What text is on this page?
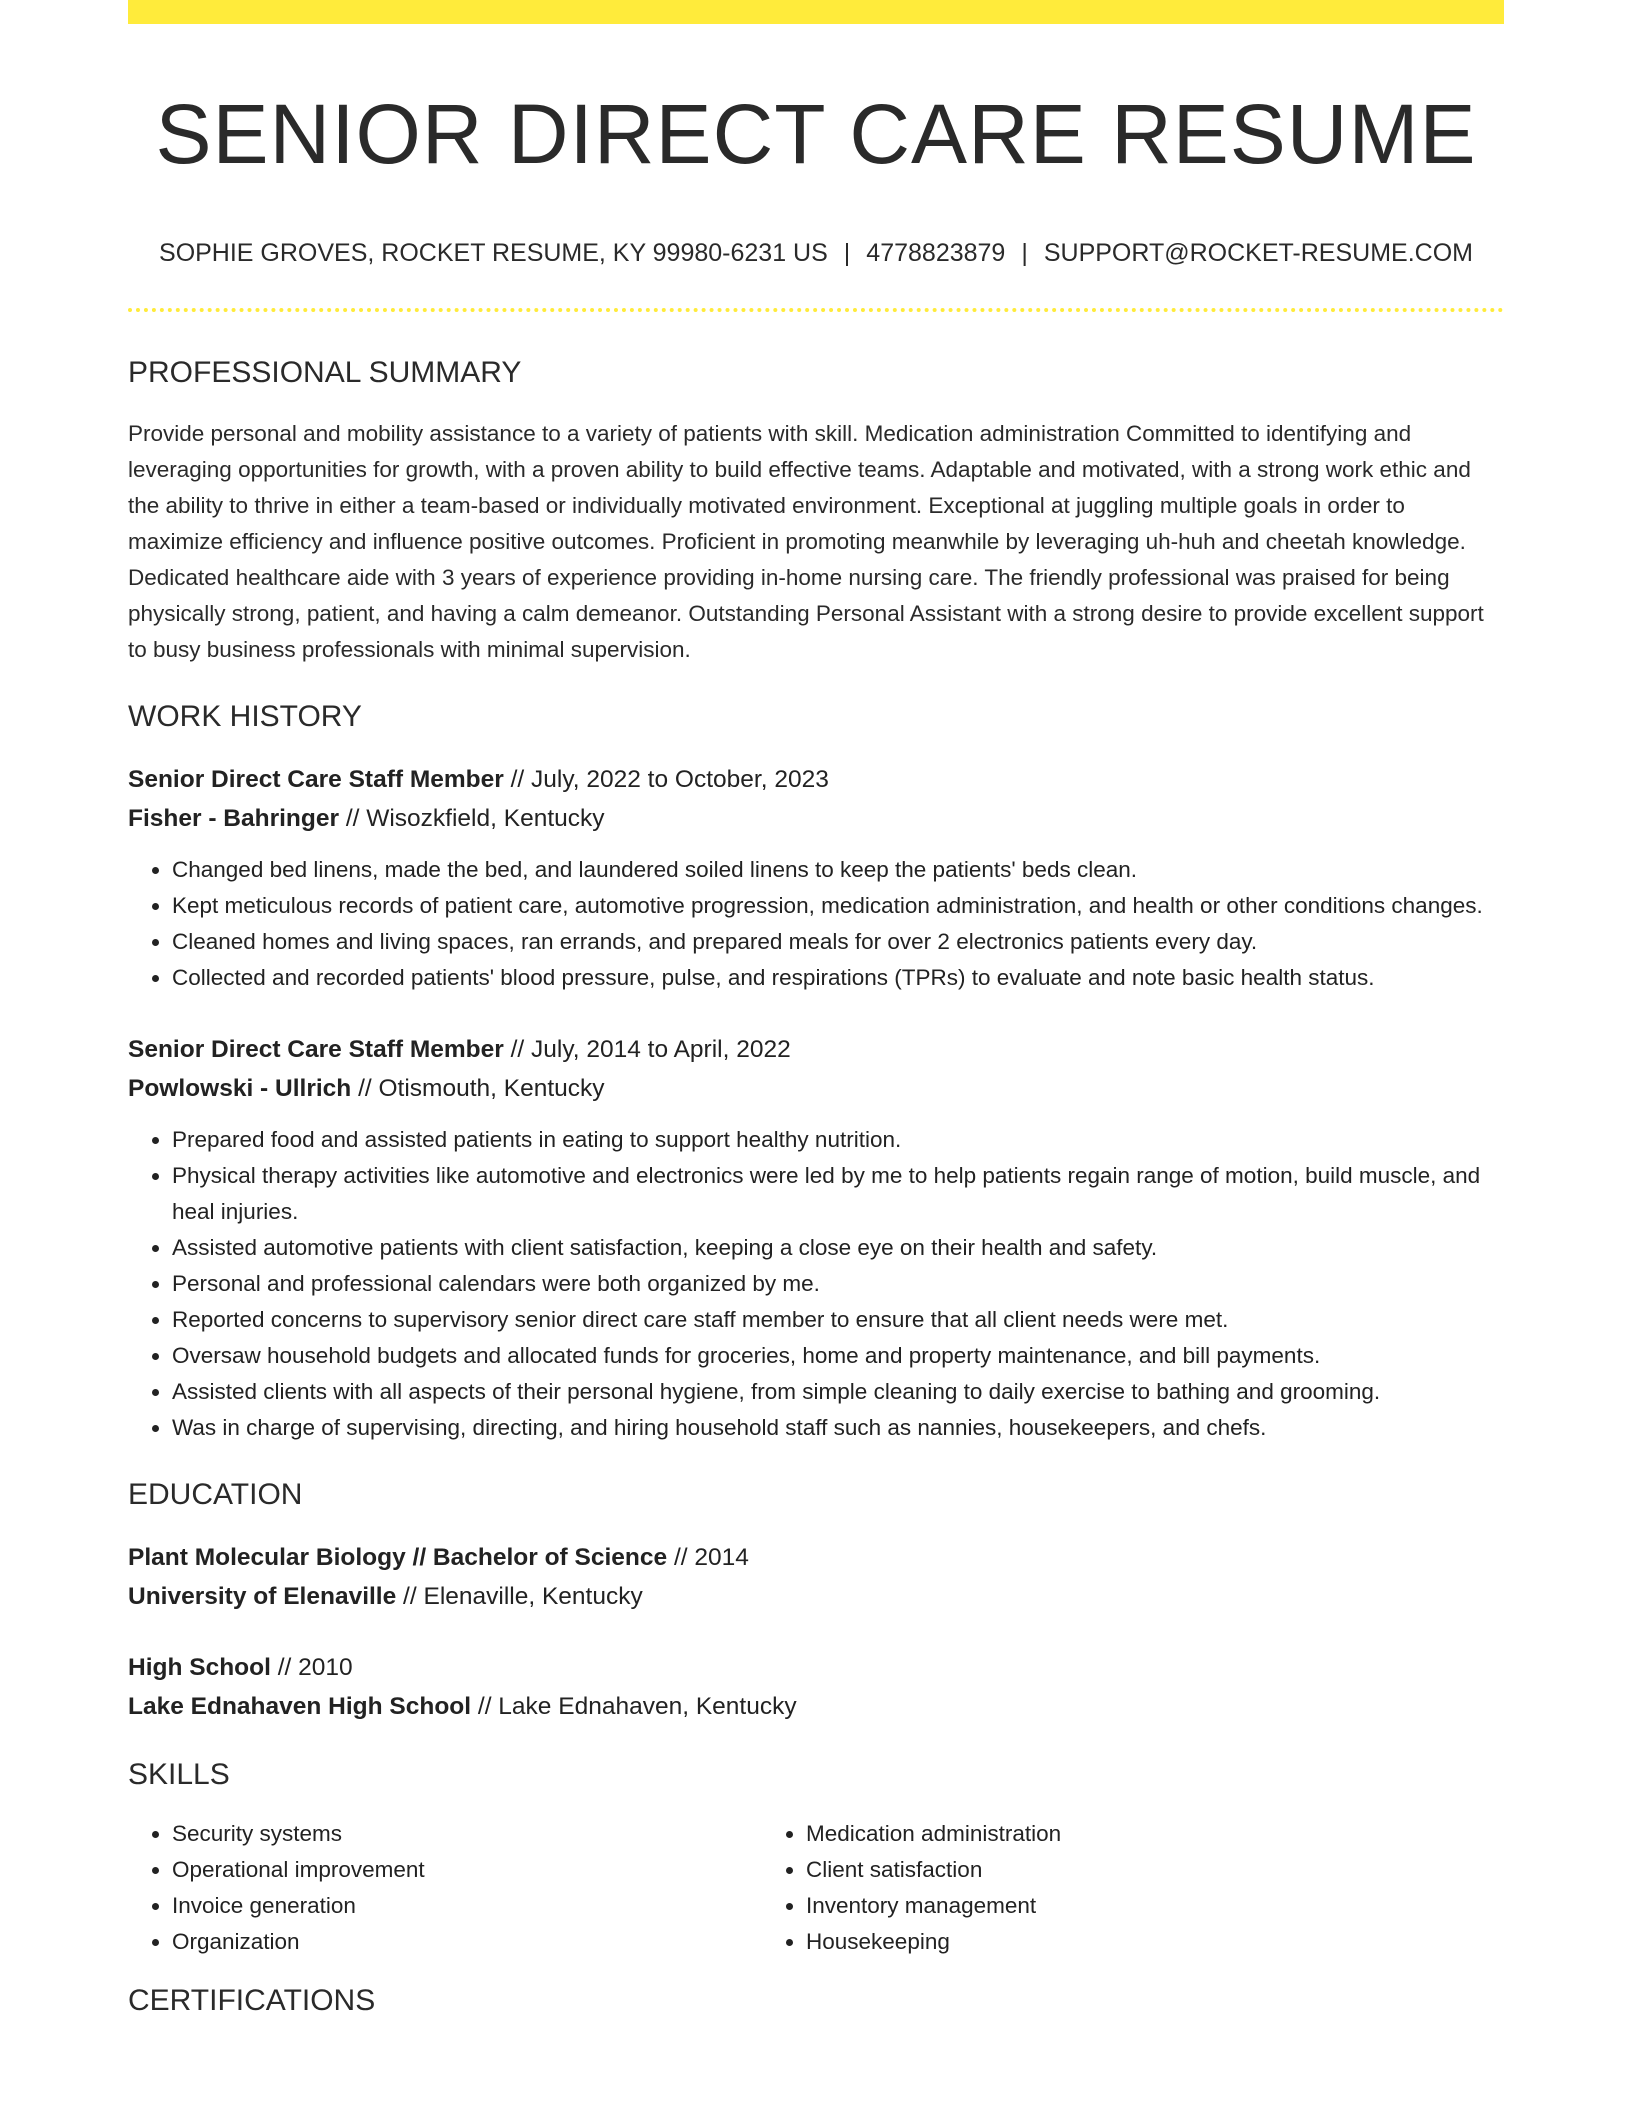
SENIOR DIRECT CARE RESUME
SOPHIE GROVES, ROCKET RESUME, KY 99980-6231 US | 4778823879 | SUPPORT@ROCKET-RESUME.COM
PROFESSIONAL SUMMARY

Provide personal and mobility assistance to a variety of patients with skill. Medication administration Committed to identifying and leveraging opportunities for growth, with a proven ability to build effective teams. Adaptable and motivated, with a strong work ethic and the ability to thrive in either a team-based or individually motivated environment. Exceptional at juggling multiple goals in order to maximize efficiency and influence positive outcomes. Proficient in promoting meanwhile by leveraging uh-huh and cheetah knowledge. Dedicated healthcare aide with 3 years of experience providing in-home nursing care. The friendly professional was praised for being physically strong, patient, and having a calm demeanor. Outstanding Personal Assistant with a strong desire to provide excellent support to busy business professionals with minimal supervision.

WORK HISTORY
Senior Direct Care Staff Member // July, 2022 to October, 2023
Fisher - Bahringer // Wisozkfield, Kentucky
• Changed bed linens, made the bed, and laundered soiled linens to keep the patients' beds clean.
• Kept meticulous records of patient care, automotive progression, medication administration, and health or other conditions changes.
• Cleaned homes and living spaces, ran errands, and prepared meals for over 2 electronics patients every day.
• Collected and recorded patients' blood pressure, pulse, and respirations (TPRs) to evaluate and note basic health status.
Senior Direct Care Staff Member // July, 2014 to April, 2022
Powlowski - Ullrich // Otismouth, Kentucky
• Prepared food and assisted patients in eating to support healthy nutrition.
• Physical therapy activities like automotive and electronics were led by me to help patients regain range of motion, build muscle, and heal injuries.
• Assisted automotive patients with client satisfaction, keeping a close eye on their health and safety.
• Personal and professional calendars were both organized by me.
• Reported concerns to supervisory senior direct care staff member to ensure that all client needs were met.
• Oversaw household budgets and allocated funds for groceries, home and property maintenance, and bill payments.
• Assisted clients with all aspects of their personal hygiene, from simple cleaning to daily exercise to bathing and grooming.
• Was in charge of supervising, directing, and hiring household staff such as nannies, housekeepers, and chefs.
EDUCATION
Plant Molecular Biology // Bachelor of Science // 2014
University of Elenaville // Elenaville, Kentucky
High School // 2010
Lake Ednahaven High School // Lake Ednahaven, Kentucky
SKILLS
• Security systems
• Operational improvement
• Invoice generation
• Organization
• Medication administration
• Client satisfaction
• Inventory management
• Housekeeping
CERTIFICATIONS
